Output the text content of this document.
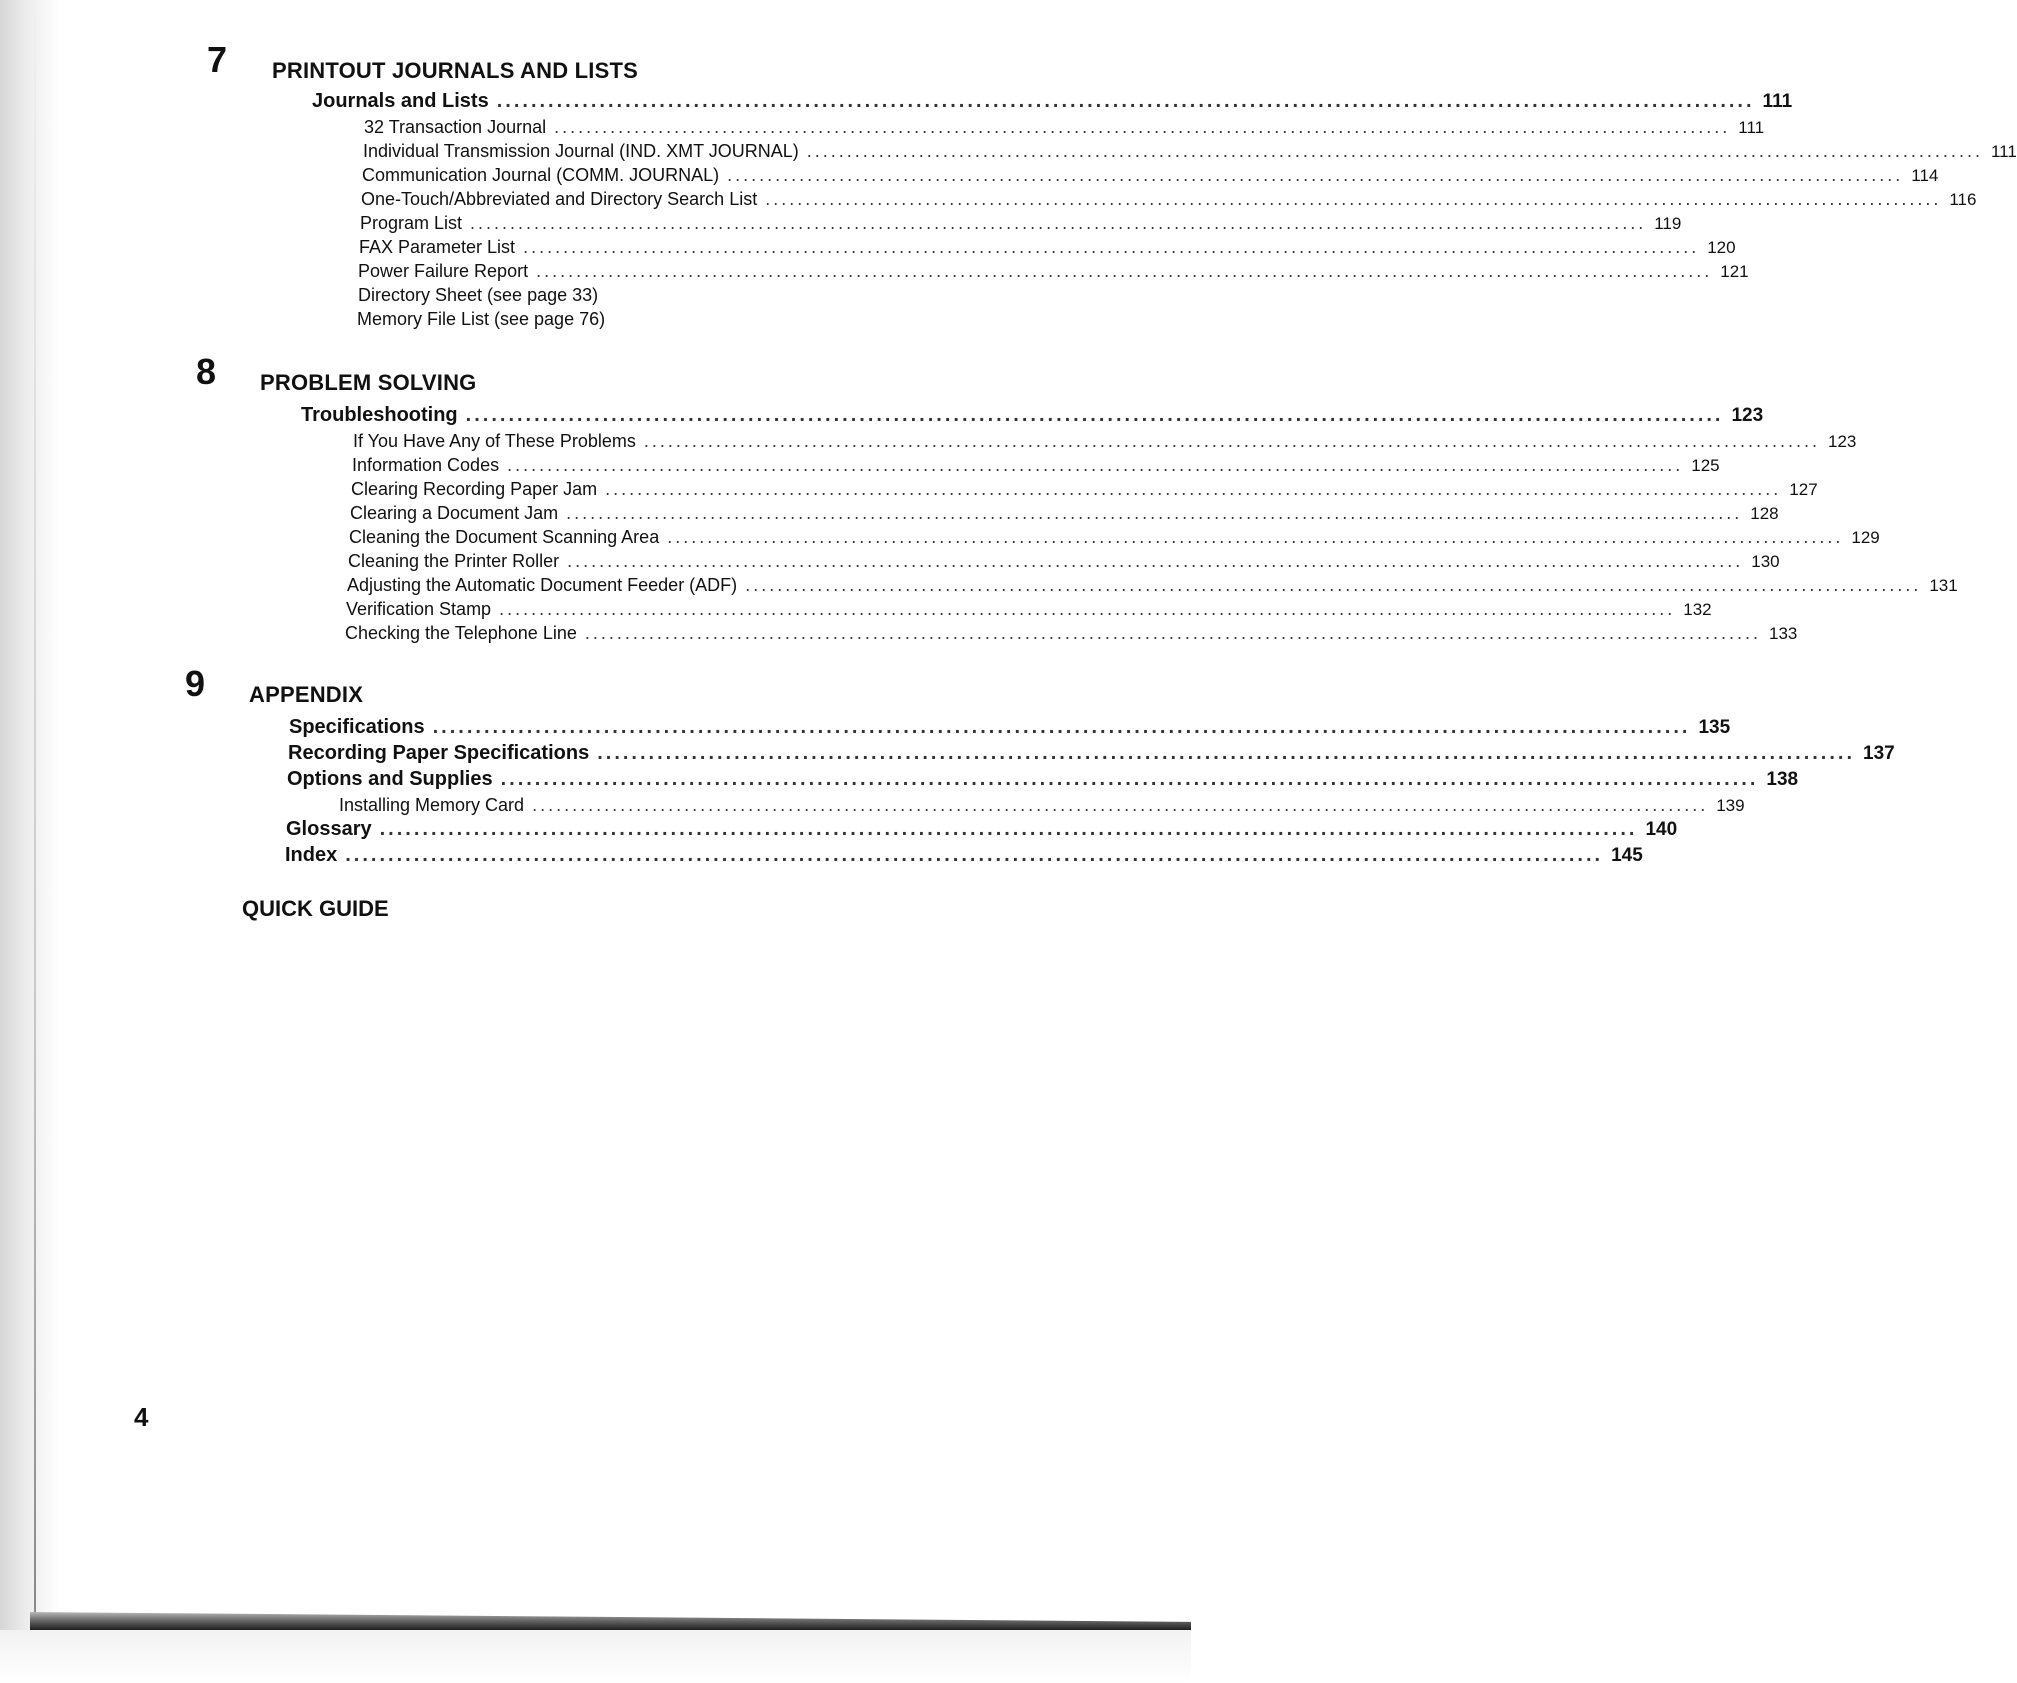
7 PRINTOUT JOURNALS AND LISTS
Journals and Lists ................................................................................................................................................... 111
32 Transaction Journal ................................................................................................................................................... 111
Individual Transmission Journal (IND. XMT JOURNAL) ................................................................................................................................................... 111
Communication Journal (COMM. JOURNAL) ................................................................................................................................................... 114
One-Touch/Abbreviated and Directory Search List ................................................................................................................................................... 116
Program List ................................................................................................................................................... 119
FAX Parameter List ................................................................................................................................................... 120
Power Failure Report ................................................................................................................................................... 121
Directory Sheet (see page 33)
Memory File List (see page 76)
8 PROBLEM SOLVING
Troubleshooting ................................................................................................................................................... 123
If You Have Any of These Problems ................................................................................................................................................... 123
Information Codes ................................................................................................................................................... 125
Clearing Recording Paper Jam ................................................................................................................................................... 127
Clearing a Document Jam ................................................................................................................................................... 128
Cleaning the Document Scanning Area ................................................................................................................................................... 129
Cleaning the Printer Roller ................................................................................................................................................... 130
Adjusting the Automatic Document Feeder (ADF) ................................................................................................................................................... 131
Verification Stamp ................................................................................................................................................... 132
Checking the Telephone Line ................................................................................................................................................... 133
9 APPENDIX
Specifications ................................................................................................................................................... 135
Recording Paper Specifications ................................................................................................................................................... 137
Options and Supplies ................................................................................................................................................... 138
Installing Memory Card ................................................................................................................................................... 139
Glossary ................................................................................................................................................... 140
Index ................................................................................................................................................... 145
QUICK GUIDE
4
